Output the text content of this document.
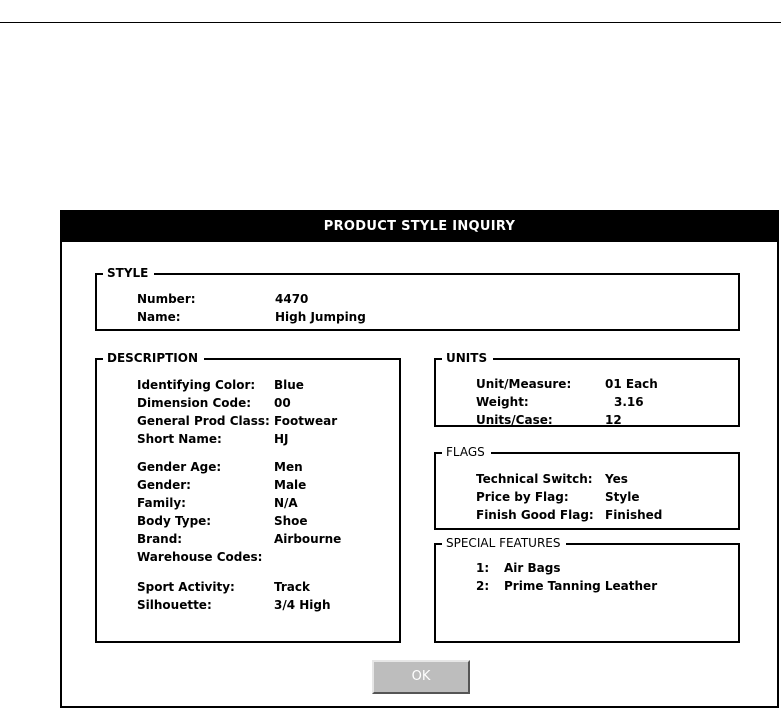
PRODUCT STYLE INQUIRY
STYLE
Number:	4470
Name:	High Jumping
DESCRIPTION
Identifying Color: Blue
Dimension Code: 00
General Prod Class: Footwear
Short Name:	HJ
Gender Age:	Men
Gender:	Male
Family:	N/A
Body Type:	Shoe
Brand:	Airbourne
Warehouse Codes:
Sport Activity:	Track
Silhouette:	3/4 High
UNITS
Unit/Measure:	01 Each
Weight:	3.16
Units/Case:	12
FLAGS
Technical Switch: Yes
Price by Flag:	Style
Finish Good Flag: Finished
SPECIAL FEATURES
1: Air Bags
2: Prime Tanning Leather
OK
